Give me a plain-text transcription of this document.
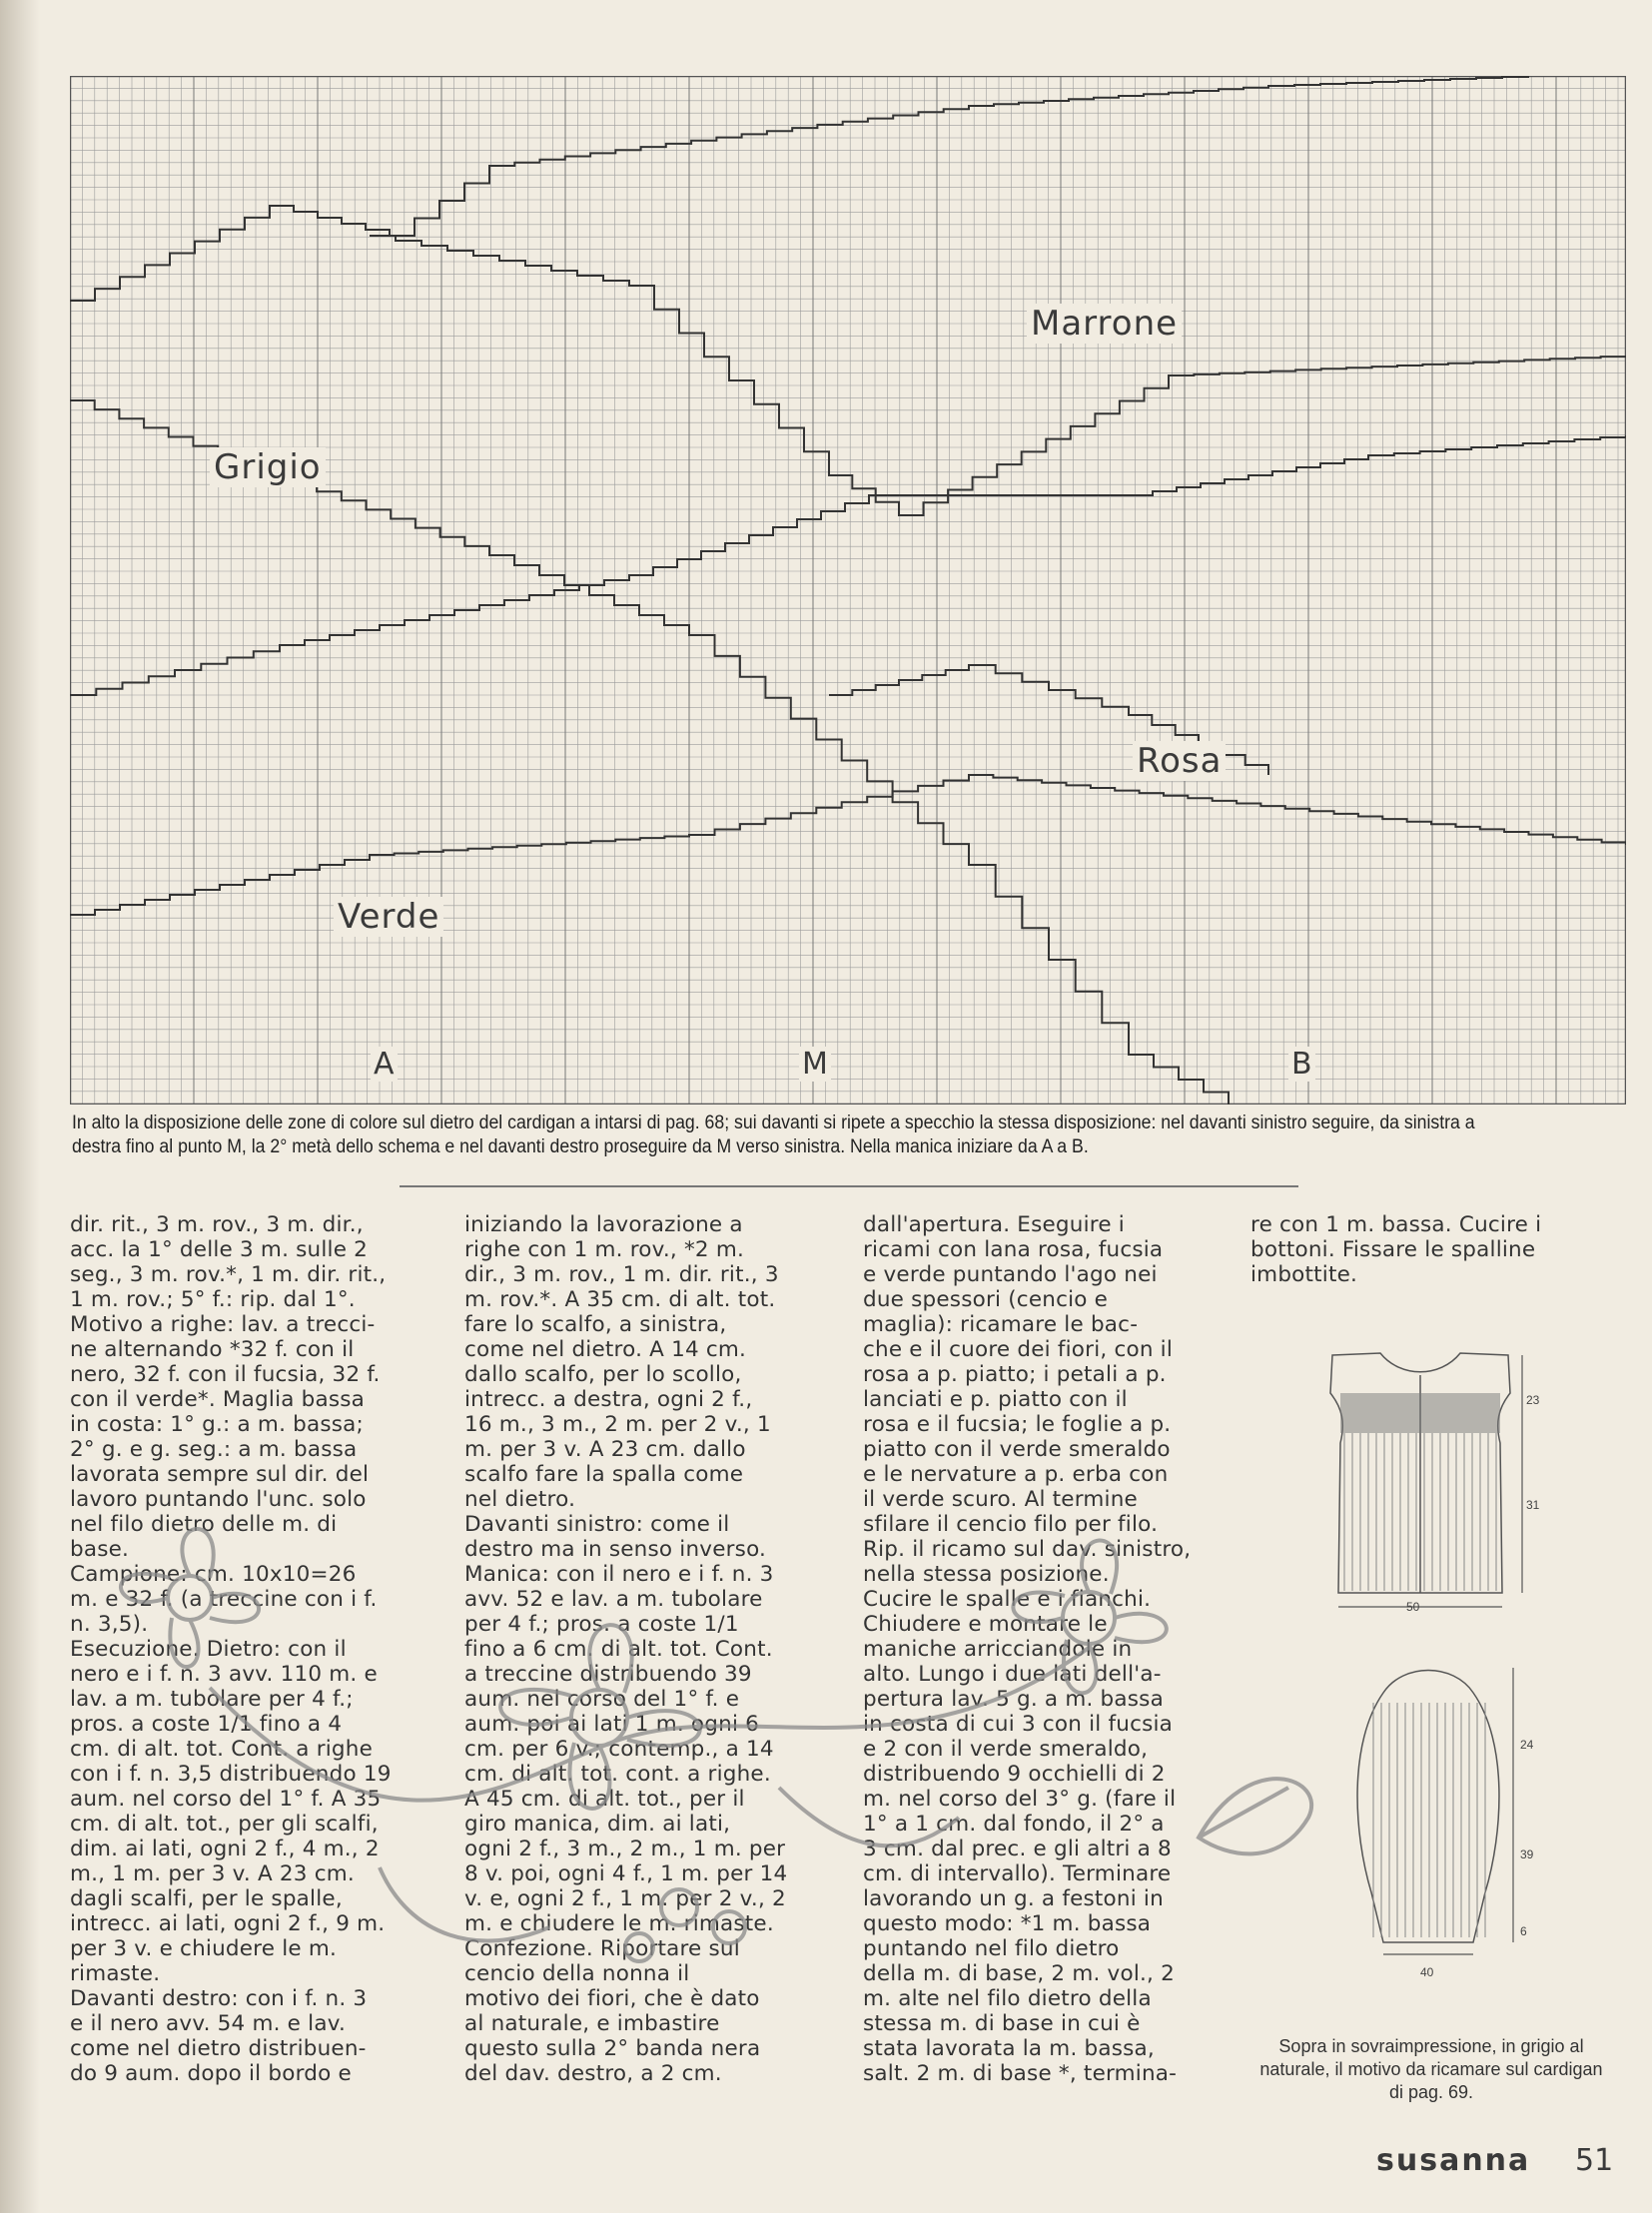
Grigio
Marrone
Rosa
Verde
A	M	B
In alto la disposizione delle zone di colore sul dietro del cardigan a intarsi di pag. 68; sui davanti si ripete a specchio la stessa disposizione: nel davanti sinistro seguire, da sinistra a destra fino al punto M, la 2° metà dello schema e nel davanti destro proseguire da M verso sinistra. Nella manica iniziare da A a B.
dir. rit., 3 m. rov., 3 m. dir.,
acc. la 1° delle 3 m. sulle 2
seg., 3 m. rov.*, 1 m. dir. rit.,
1 m. rov.; 5° f.: rip. dal 1°.
Motivo a righe: lav. a trecci-
ne alternando *32 f. con il
nero, 32 f. con il fucsia, 32 f.
con il verde*. Maglia bassa
in costa: 1° g.: a m. bassa;
2° g. e g. seg.: a m. bassa
lavorata sempre sul dir. del
lavoro puntando l'unc. solo
nel filo dietro delle m. di
base.
Campione: cm. 10x10=26
m. e 32 f. (a treccine con i f.
n. 3,5).
Esecuzione. Dietro: con il
nero e i f. n. 3 avv. 110 m. e
lav. a m. tubolare per 4 f.;
pros. a coste 1/1 fino a 4
cm. di alt. tot. Cont. a righe
con i f. n. 3,5 distribuendo 19
aum. nel corso del 1° f. A 35
cm. di alt. tot., per gli scalfi,
dim. ai lati, ogni 2 f., 4 m., 2
m., 1 m. per 3 v. A 23 cm.
dagli scalfi, per le spalle,
intrecc. ai lati, ogni 2 f., 9 m.
per 3 v. e chiudere le m.
rimaste.
Davanti destro: con i f. n. 3
e il nero avv. 54 m. e lav.
come nel dietro distribuen-
do 9 aum. dopo il bordo e
iniziando la lavorazione a
righe con 1 m. rov., *2 m.
dir., 3 m. rov., 1 m. dir. rit., 3
m. rov.*. A 35 cm. di alt. tot.
fare lo scalfo, a sinistra,
come nel dietro. A 14 cm.
dallo scalfo, per lo scollo,
intrecc. a destra, ogni 2 f.,
16 m., 3 m., 2 m. per 2 v., 1
m. per 3 v. A 23 cm. dallo
scalfo fare la spalla come
nel dietro.
Davanti sinistro: come il
destro ma in senso inverso.
Manica: con il nero e i f. n. 3
avv. 52 e lav. a m. tubolare
per 4 f.; pros. a coste 1/1
fino a 6 cm. di alt. tot. Cont.
a treccine distribuendo 39
aum. nel corso del 1° f. e
aum. poi ai lati 1 m. ogni 6
cm. per 6 v.; contemp., a 14
cm. di alt. tot. cont. a righe.
A 45 cm. di alt. tot., per il
giro manica, dim. ai lati,
ogni 2 f., 3 m., 2 m., 1 m. per
8 v. poi, ogni 4 f., 1 m. per 14
v. e, ogni 2 f., 1 m. per 2 v., 2
m. e chiudere le m. rimaste.
Confezione. Riportare sul
cencio della nonna il
motivo dei fiori, che è dato
al naturale, e imbastire
questo sulla 2° banda nera
del dav. destro, a 2 cm.
dall'apertura. Eseguire i
ricami con lana rosa, fucsia
e verde puntando l'ago nei
due spessori (cencio e
maglia): ricamare le bac-
che e il cuore dei fiori, con il
rosa a p. piatto; i petali a p.
lanciati e p. piatto con il
rosa e il fucsia; le foglie a p.
piatto con il verde smeraldo
e le nervature a p. erba con
il verde scuro. Al termine
sfilare il cencio filo per filo.
Rip. il ricamo sul dav. sinistro,
nella stessa posizione.
Cucire le spalle e i fianchi.
Chiudere e montare le
maniche arricciandole in
alto. Lungo i due lati dell'a-
pertura lav. 5 g. a m. bassa
in costa di cui 3 con il fucsia
e 2 con il verde smeraldo,
distribuendo 9 occhielli di 2
m. nel corso del 3° g. (fare il
1° a 1 cm. dal fondo, il 2° a
3 cm. dal prec. e gli altri a 8
cm. di intervallo). Terminare
lavorando un g. a festoni in
questo modo: *1 m. bassa
puntando nel filo dietro
della m. di base, 2 m. vol., 2
m. alte nel filo dietro della
stessa m. di base in cui è
stata lavorata la m. bassa,
salt. 2 m. di base *, termina-
re con 1 m. bassa. Cucire i
bottoni. Fissare le spalline
imbottite.
50
23
31
24
39
6
40
Sopra in sovraimpressione, in grigio al naturale, il motivo da ricamare sul cardigan di pag. 69.
susanna 51
